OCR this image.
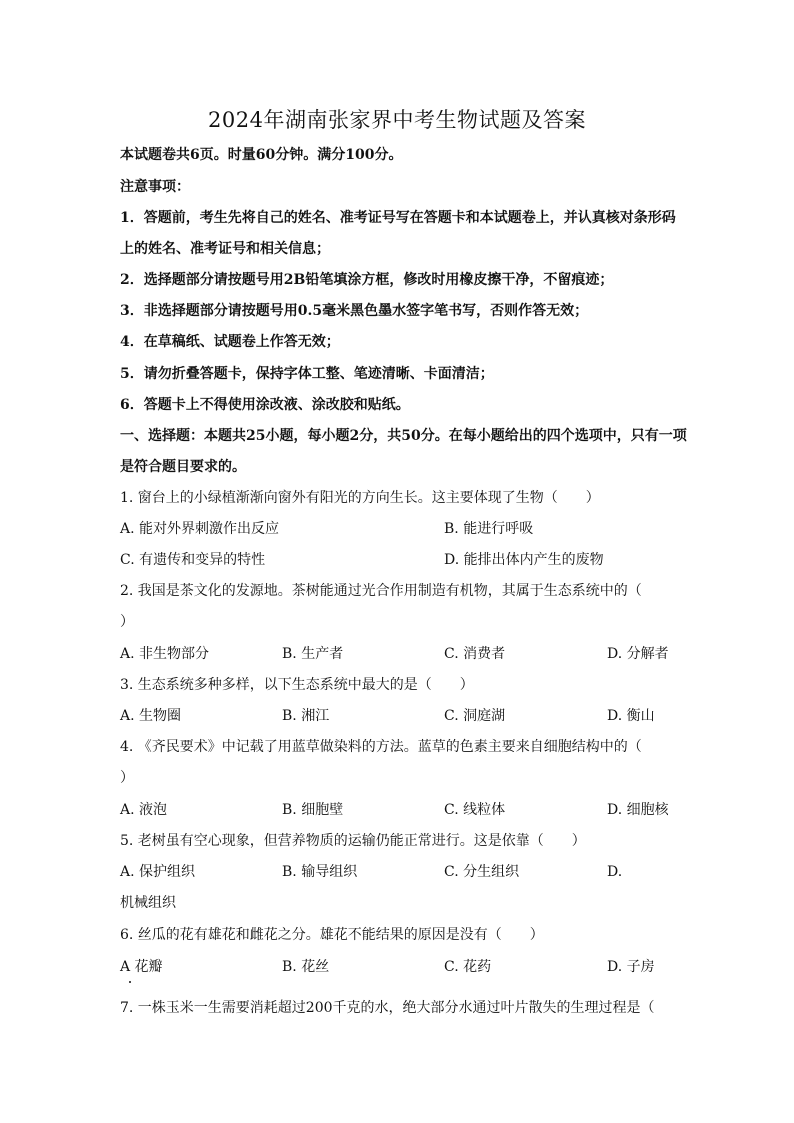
2024年湖南张家界中考生物试题及答案
本试题卷共6页。时量60分钟。满分100分。
注意事项：
1．答题前，考生先将自己的姓名、准考证号写在答题卡和本试题卷上，并认真核对条形码
上的姓名、准考证号和相关信息；
2．选择题部分请按题号用2B铅笔填涂方框，修改时用橡皮擦干净，不留痕迹；
3．非选择题部分请按题号用0.5毫米黑色墨水签字笔书写，否则作答无效；
4．在草稿纸、试题卷上作答无效；
5．请勿折叠答题卡，保持字体工整、笔迹清晰、卡面清洁；
6．答题卡上不得使用涂改液、涂改胶和贴纸。
一、选择题：本题共25小题，每小题2分，共50分。在每小题给出的四个选项中，只有一项
是符合题目要求的。
1. 窗台上的小绿植渐渐向窗外有阳光的方向生长。这主要体现了生物（　　）
A. 能对外界刺激作出反应	B. 能进行呼吸
C. 有遗传和变异的特性	D. 能排出体内产生的废物
2. 我国是茶文化的发源地。茶树能通过光合作用制造有机物，其属于生态系统中的（
）
A. 非生物部分	B. 生产者	C. 消费者	D. 分解者
3. 生态系统多种多样，以下生态系统中最大的是（　　）
A. 生物圈	B. 湘江	C. 洞庭湖	D. 衡山
4. 《齐民要术》中记载了用蓝草做染料的方法。蓝草的色素主要来自细胞结构中的（
）
A. 液泡	B. 细胞壁	C. 线粒体	D. 细胞核
5. 老树虽有空心现象，但营养物质的运输仍能正常进行。这是依靠（　　）
A. 保护组织	B. 输导组织	C. 分生组织	D.
机械组织
6. 丝瓜的花有雄花和雌花之分。雄花不能结果的原因是没有（　　）
A 花瓣	B. 花丝	C. 花药	D. 子房
7. 一株玉米一生需要消耗超过200千克的水，绝大部分水通过叶片散失的生理过程是（
